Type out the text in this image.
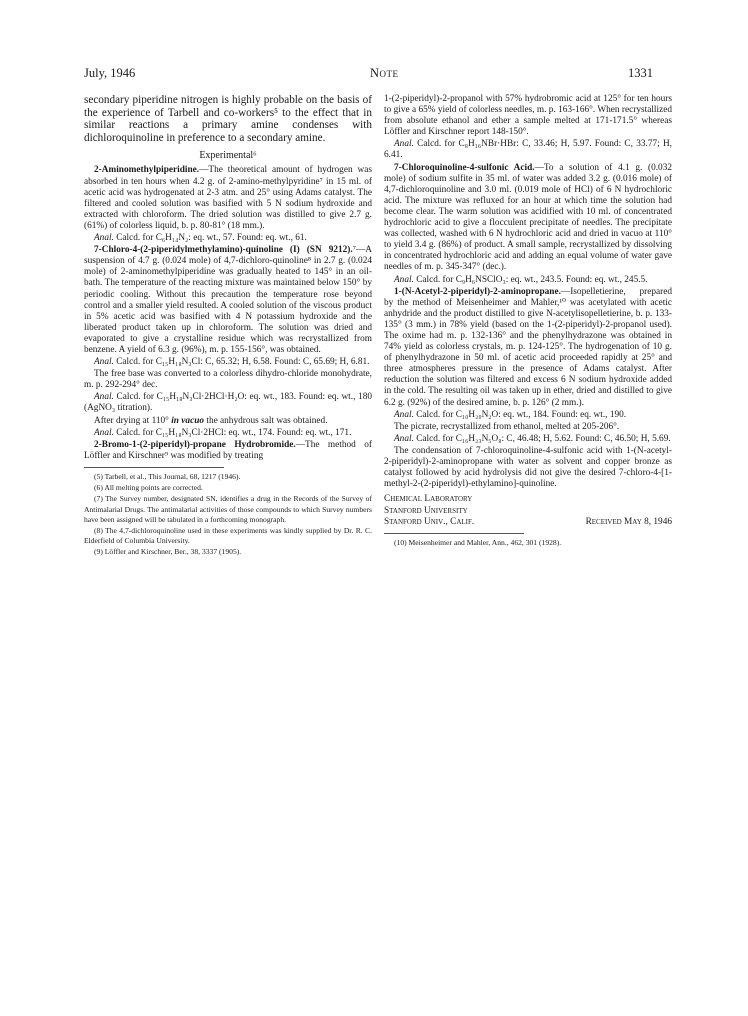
July, 1946	Note	1331

secondary piperidine nitrogen is highly probable on the basis of the experience of Tarbell and co-workers⁵ to the effect that in similar reactions a primary amine condenses with dichloroquinoline in preference to a secondary amine.

Experimental⁶

2-Aminomethylpiperidine.—The theoretical amount of hydrogen was absorbed in ten hours when 4.2 g. of 2-amino-methylpyridine⁷ in 15 ml. of acetic acid was hydrogenated at 2-3 atm. and 25° using Adams catalyst. The filtered and cooled solution was basified with 5 N sodium hydroxide and extracted with chloroform. The dried solution was distilled to give 2.7 g. (61%) of colorless liquid, b. p. 80-81° (18 mm.).

Anal. Calcd. for C₆H₁₄N₂: eq. wt., 57. Found: eq. wt., 61.

7-Chloro-4-(2-piperidylmethylamino)-quinoline (I) (SN 9212).⁷—A suspension of 4.7 g. (0.024 mole) of 4,7-dichloro-quinoline⁸ in 2.7 g. (0.024 mole) of 2-aminomethylpiperidine was gradually heated to 145° in an oil-bath. The temperature of the reacting mixture was maintained below 150° by periodic cooling. Without this precaution the temperature rose beyond control and a smaller yield resulted. A cooled solution of the viscous product in 5% acetic acid was basified with 4 N potassium hydroxide and the liberated product taken up in chloroform. The solution was dried and evaporated to give a crystalline residue which was recrystallized from benzene. A yield of 6.3 g. (96%), m. p. 155-156°, was obtained.

Anal. Calcd. for C₁₅H₁₈N₃Cl: C, 65.32; H, 6.58. Found: C, 65.69; H, 6.81.

The free base was converted to a colorless dihydro-chloride monohydrate, m. p. 292-294° dec.

Anal. Calcd. for C₁₅H₁₈N₃Cl·2HCl·H₂O: eq. wt., 183. Found: eq. wt., 180 (AgNO₃ titration).

After drying at 110° in vacuo the anhydrous salt was obtained.

Anal. Calcd. for C₁₅H₁₈N₃Cl·2HCl: eq. wt., 174. Found: eq. wt., 171.

2-Bromo-1-(2-piperidyl)-propane Hydrobromide.—The method of Löffler and Kirschner⁹ was modified by treating

(5) Tarbell, et al., This Journal, 68, 1217 (1946).

(6) All melting points are corrected.

(7) The Survey number, designated SN, identifies a drug in the Records of the Survey of Antimalarial Drugs. The antimalarial activities of those compounds to which Survey numbers have been assigned will be tabulated in a forthcoming monograph.

(8) The 4,7-dichloroquinoline used in these experiments was kindly supplied by Dr. R. C. Elderfield of Columbia University.

(9) Löffler and Kirschner, Ber., 38, 3337 (1905).

1-(2-piperidyl)-2-propanol with 57% hydrobromic acid at 125° for ten hours to give a 65% yield of colorless needles, m. p. 163-166°. When recrystallized from absolute ethanol and ether a sample melted at 171-171.5° whereas Löffler and Kirschner report 148-150°.

Anal. Calcd. for C₈H₁₆NBr·HBr: C, 33.46; H, 5.97. Found: C, 33.77; H, 6.41.

7-Chloroquinoline-4-sulfonic Acid.—To a solution of 4.1 g. (0.032 mole) of sodium sulfite in 35 ml. of water was added 3.2 g. (0.016 mole) of 4,7-dichloroquinoline and 3.0 ml. (0.019 mole of HCl) of 6 N hydrochloric acid. The mixture was refluxed for an hour at which time the solution had become clear. The warm solution was acidified with 10 ml. of concentrated hydrochloric acid to give a flocculent precipitate of needles. The precipitate was collected, washed with 6 N hydrochloric acid and dried in vacuo at 110° to yield 3.4 g. (86%) of product. A small sample, recrystallized by dissolving in concentrated hydrochloric acid and adding an equal volume of water gave needles of m. p. 345-347° (dec.).

Anal. Calcd. for C₉H₆NSClO₃: eq. wt., 243.5. Found: eq. wt., 245.5.

1-(N-Acetyl-2-piperidyl)-2-aminopropane.—Isopelletierine, prepared by the method of Meisenheimer and Mahler,¹⁰ was acetylated with acetic anhydride and the product distilled to give N-acetylisopelletierine, b. p. 133-135° (3 mm.) in 78% yield (based on the 1-(2-piperidyl)-2-propanol used). The oxime had m. p. 132-136° and the phenylhydrazone was obtained in 74% yield as colorless crystals, m. p. 124-125°. The hydrogenation of 10 g. of phenylhydrazone in 50 ml. of acetic acid proceeded rapidly at 25° and three atmospheres pressure in the presence of Adams catalyst. After reduction the solution was filtered and excess 6 N sodium hydroxide added in the cold. The resulting oil was taken up in ether, dried and distilled to give 6.2 g. (92%) of the desired amine, b. p. 126° (2 mm.).

Anal. Calcd. for C₁₀H₂₀N₂O: eq. wt., 184. Found: eq. wt., 190.

The picrate, recrystallized from ethanol, melted at 205-206°.

Anal. Calcd. for C₁₆H₂₃N₅O₈: C, 46.48; H, 5.62. Found: C, 46.50; H, 5.69.

The condensation of 7-chloroquinoline-4-sulfonic acid with 1-(N-acetyl-2-piperidyl)-2-aminopropane with water as solvent and copper bronze as catalyst followed by acid hydrolysis did not give the desired 7-chloro-4-[1-methyl-2-(2-piperidyl)-ethylamino]-quinoline.

Chemical Laboratory
Stanford University
Stanford Univ., Calif.	Received May 8, 1946

(10) Meisenheimer and Mahler, Ann., 462, 301 (1928).
